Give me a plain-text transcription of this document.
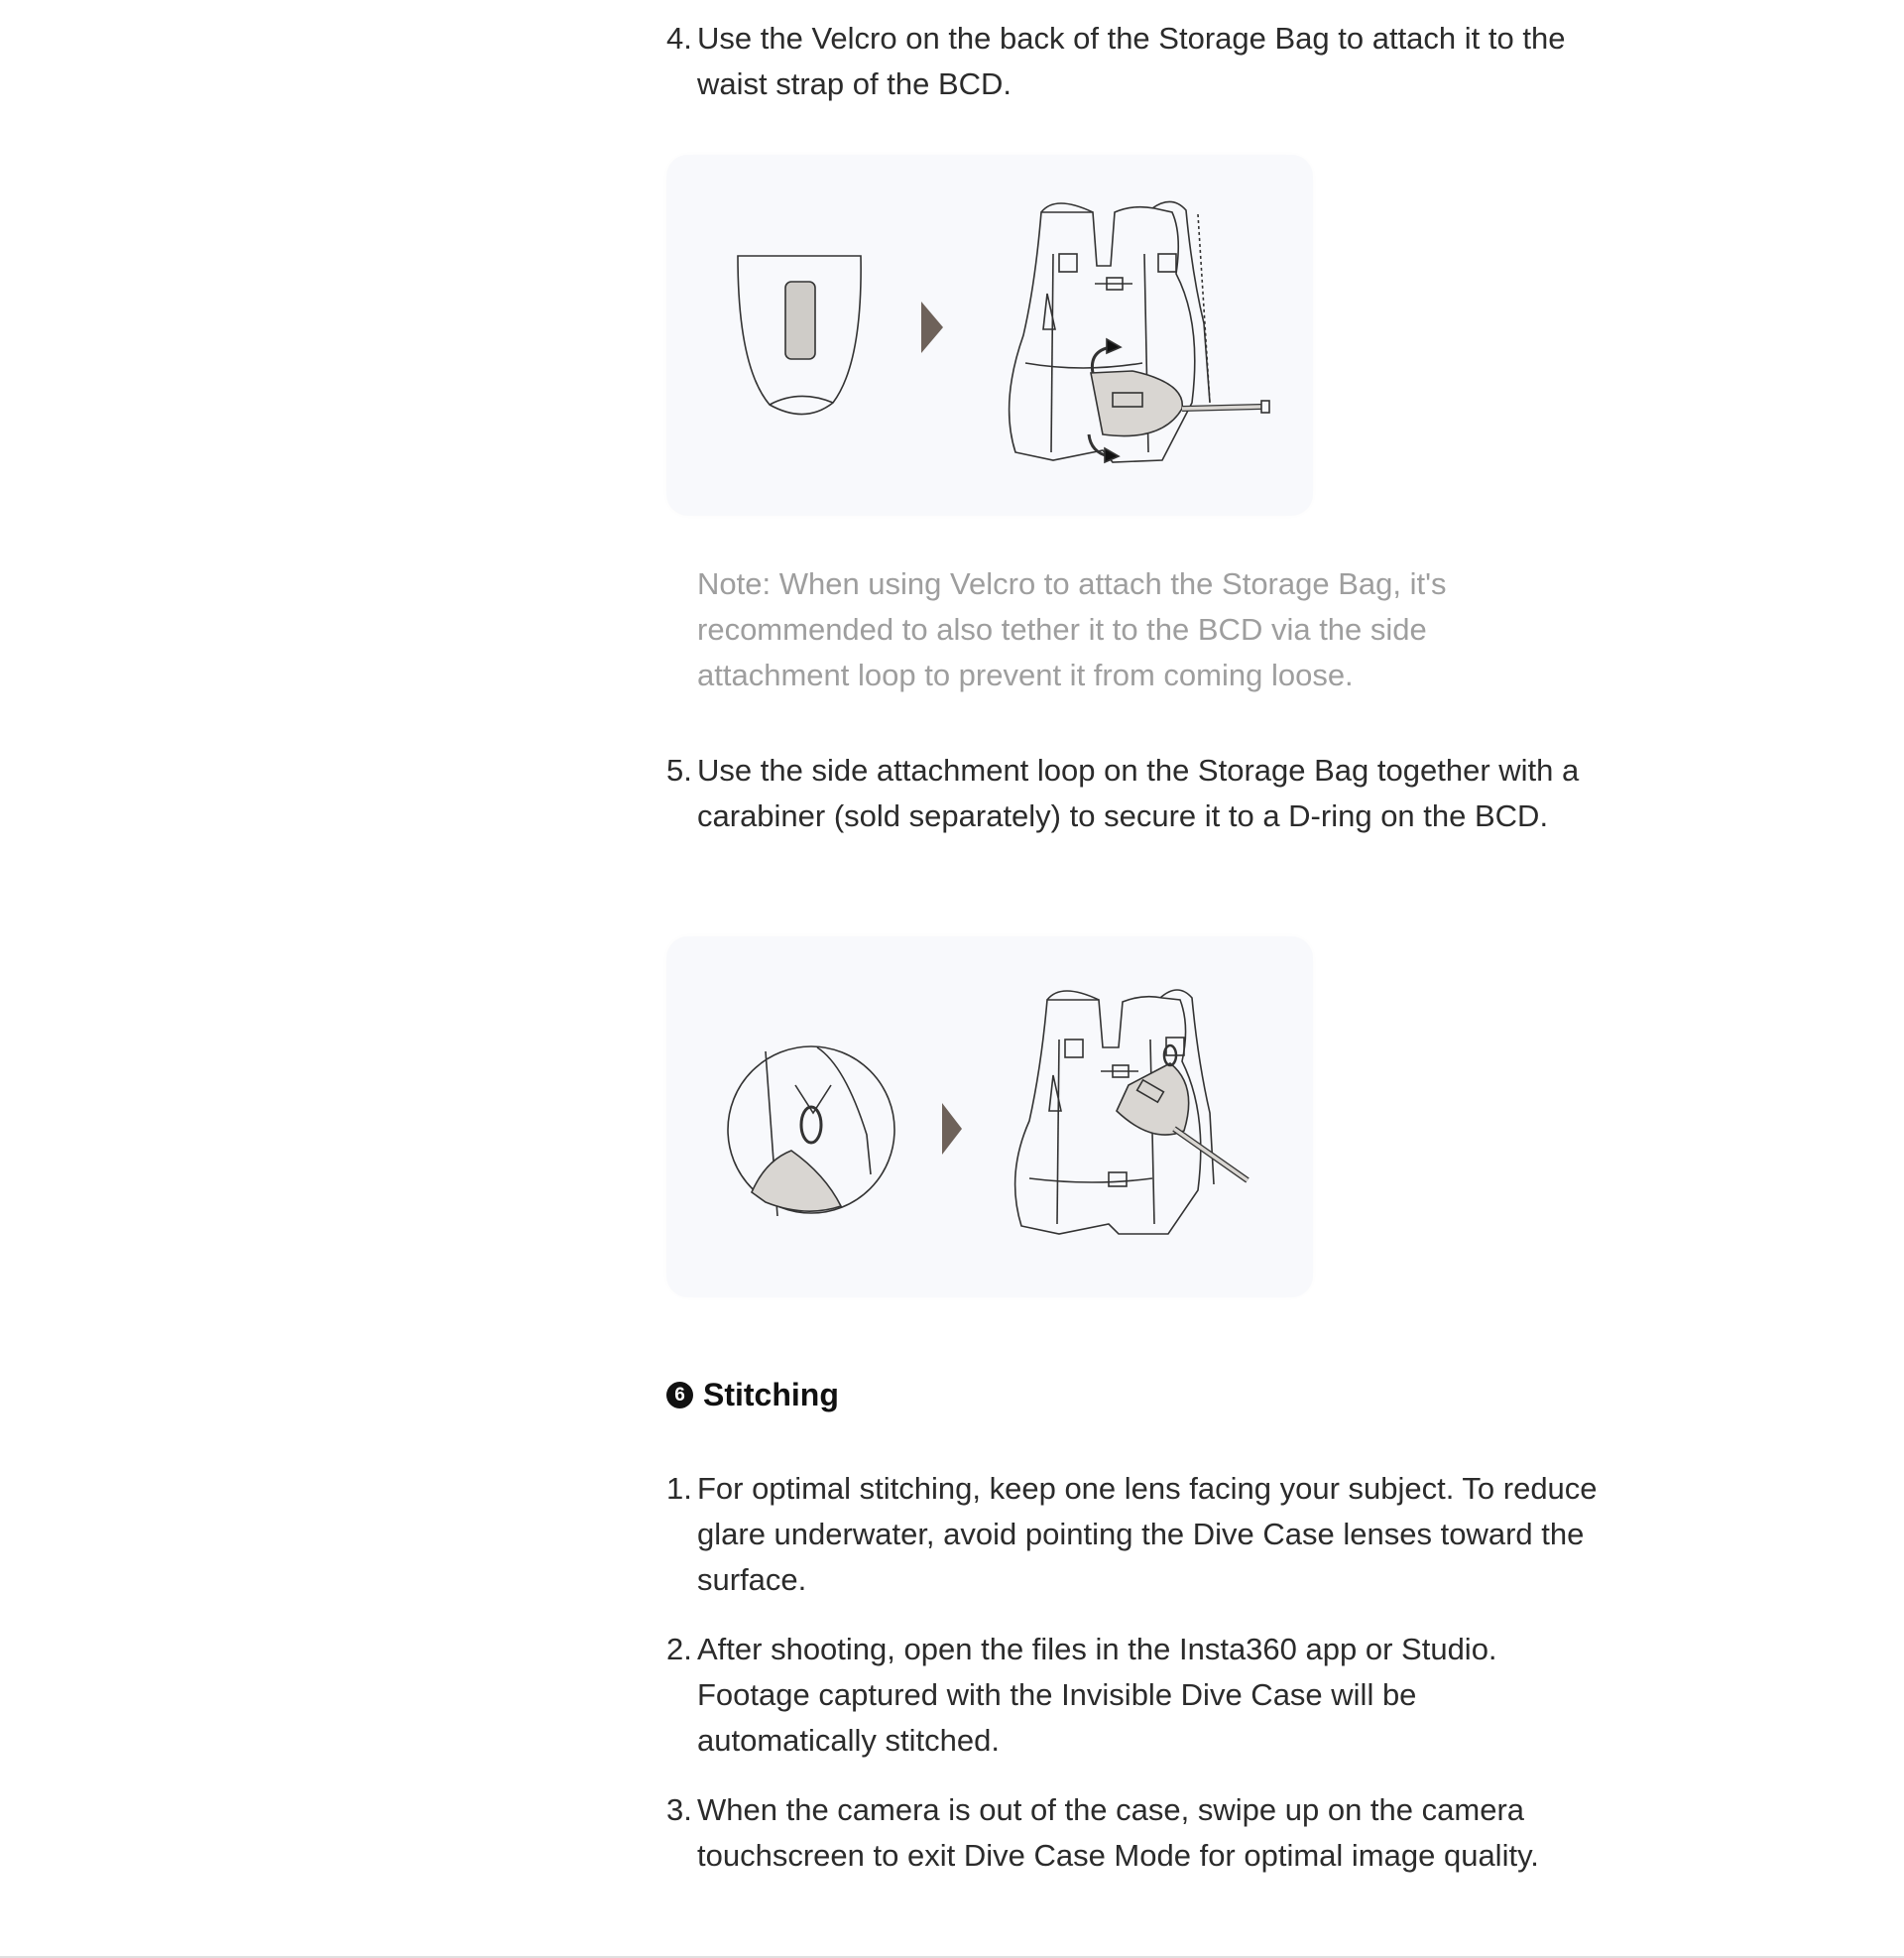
4. Use the Velcro on the back of the Storage Bag to attach it to the waist strap of the BCD.
Note: When using Velcro to attach the Storage Bag, it's recommended to also tether it to the BCD via the side attachment loop to prevent it from coming loose.
5. Use the side attachment loop on the Storage Bag together with a carabiner (sold separately) to secure it to a D-ring on the BCD.
6 Stitching
1. For optimal stitching, keep one lens facing your subject. To reduce glare underwater, avoid pointing the Dive Case lenses toward the surface.
2. After shooting, open the files in the Insta360 app or Studio. Footage captured with the Invisible Dive Case will be automatically stitched.
3. When the camera is out of the case, swipe up on the camera touchscreen to exit Dive Case Mode for optimal image quality.
